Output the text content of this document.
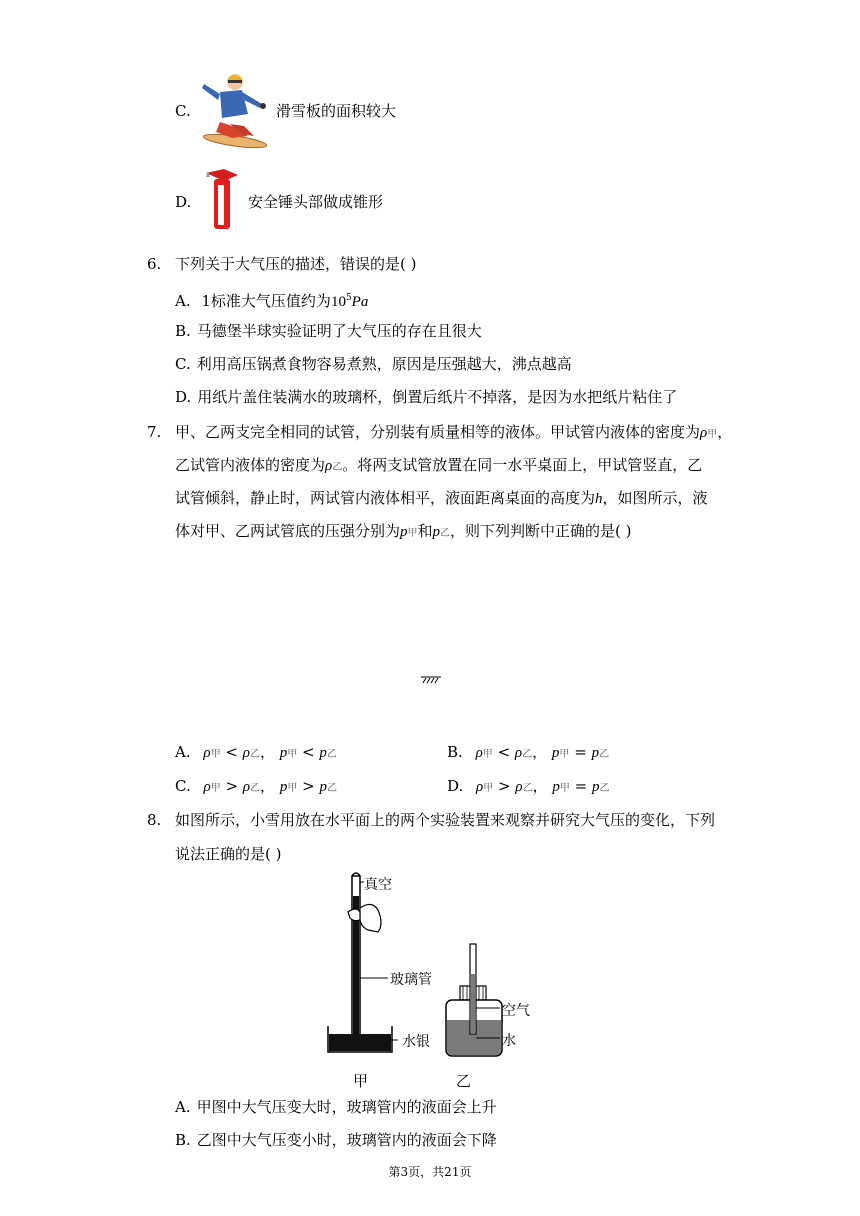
C.	滑雪板的面积较大
D.	安全锤头部做成锥形
6. 下列关于大气压的描述，错误的是( )
A. 1标准大气压值约为$10^5Pa$
B. 马德堡半球实验证明了大气压的存在且很大
C. 利用高压锅煮食物容易煮熟，原因是压强越大，沸点越高
D. 用纸片盖住装满水的玻璃杯，倒置后纸片不掉落，是因为水把纸片粘住了
7. 甲、乙两支完全相同的试管，分别装有质量相等的液体。甲试管内液体的密度为ρ甲，
乙试管内液体的密度为ρ乙。将两支试管放置在同一水平桌面上，甲试管竖直，乙
试管倾斜，静止时，两试管内液体相平，液面距离桌面的高度为h，如图所示，液
体对甲、乙两试管底的压强分别为p甲和p乙，则下列判断中正确的是( )
A. ρ甲 < ρ乙， p甲 < p乙	B. ρ甲 < ρ乙， p甲 = p乙
C. ρ甲 > ρ乙， p甲 > p乙	D. ρ甲 > ρ乙， p甲 = p乙
8. 如图所示，小雪用放在水平面上的两个实验装置来观察并研究大气压的变化，下列
说法正确的是( )
真空
玻璃管
空气
水银	水
甲	乙
A. 甲图中大气压变大时，玻璃管内的液面会上升
B. 乙图中大气压变小时，玻璃管内的液面会下降
第3页，共21页
